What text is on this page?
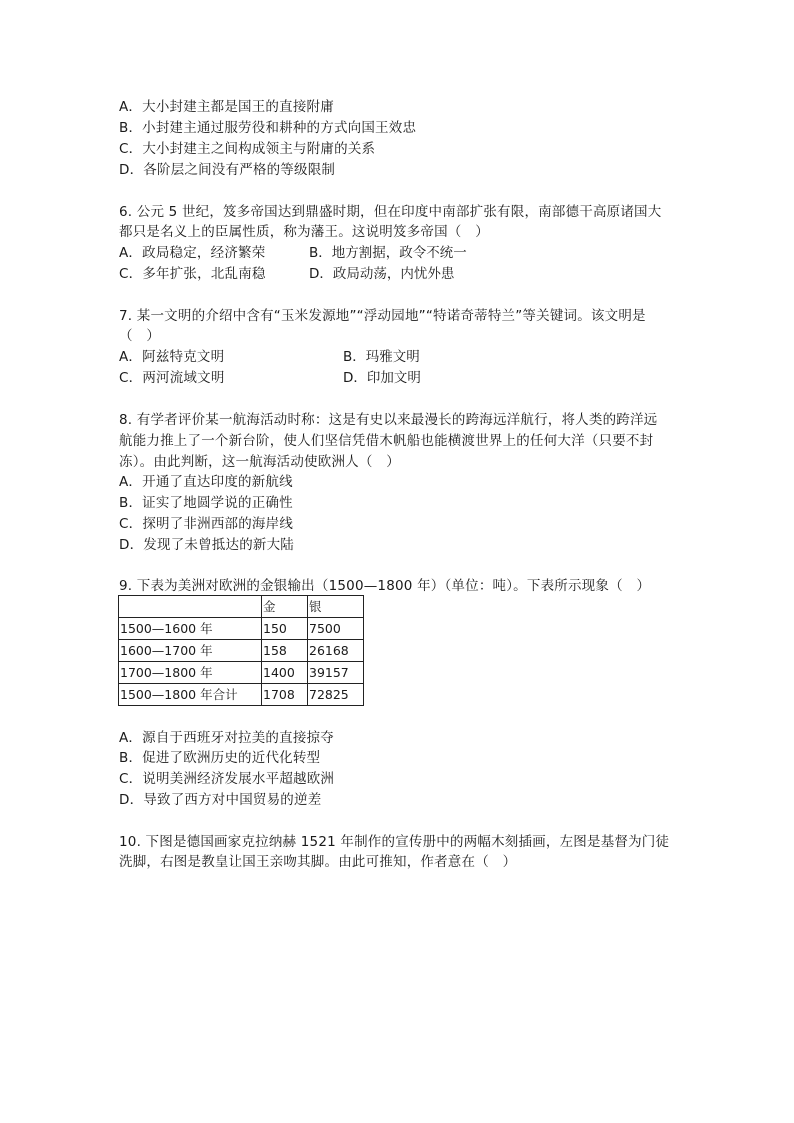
A．大小封建主都是国王的直接附庸
B．小封建主通过服劳役和耕种的方式向国王效忠
C．大小封建主之间构成领主与附庸的关系
D．各阶层之间没有严格的等级限制
6. 公元 5 世纪，笈多帝国达到鼎盛时期，但在印度中南部扩张有限，南部德干高原诸国大
都只是名义上的臣属性质，称为藩王。这说明笈多帝国（　）
A．政局稳定，经济繁荣	B．地方割据，政令不统一
C．多年扩张，北乱南稳	D．政局动荡，内忧外患
7. 某一文明的介绍中含有“玉米发源地”“浮动园地”“特诺奇蒂特兰”等关键词。该文明是
（　）
A．阿兹特克文明	B．玛雅文明
C．两河流域文明	D．印加文明
8. 有学者评价某一航海活动时称：这是有史以来最漫长的跨海远洋航行，将人类的跨洋远
航能力推上了一个新台阶，使人们坚信凭借木帆船也能横渡世界上的任何大洋（只要不封
冻）。由此判断，这一航海活动使欧洲人（　）
A．开通了直达印度的新航线
B．证实了地圆学说的正确性
C．探明了非洲西部的海岸线
D．发现了未曾抵达的新大陆
9. 下表为美洲对欧洲的金银输出（1500—1800 年）（单位：吨）。下表所示现象（　）
	金	银
1500—1600 年	150	7500
1600—1700 年	158	26168
1700—1800 年	1400	39157
1500—1800 年合计	1708	72825
A．源自于西班牙对拉美的直接掠夺
B．促进了欧洲历史的近代化转型
C．说明美洲经济发展水平超越欧洲
D．导致了西方对中国贸易的逆差
10. 下图是德国画家克拉纳赫 1521 年制作的宣传册中的两幅木刻插画，左图是基督为门徒
洗脚，右图是教皇让国王亲吻其脚。由此可推知，作者意在（　）
